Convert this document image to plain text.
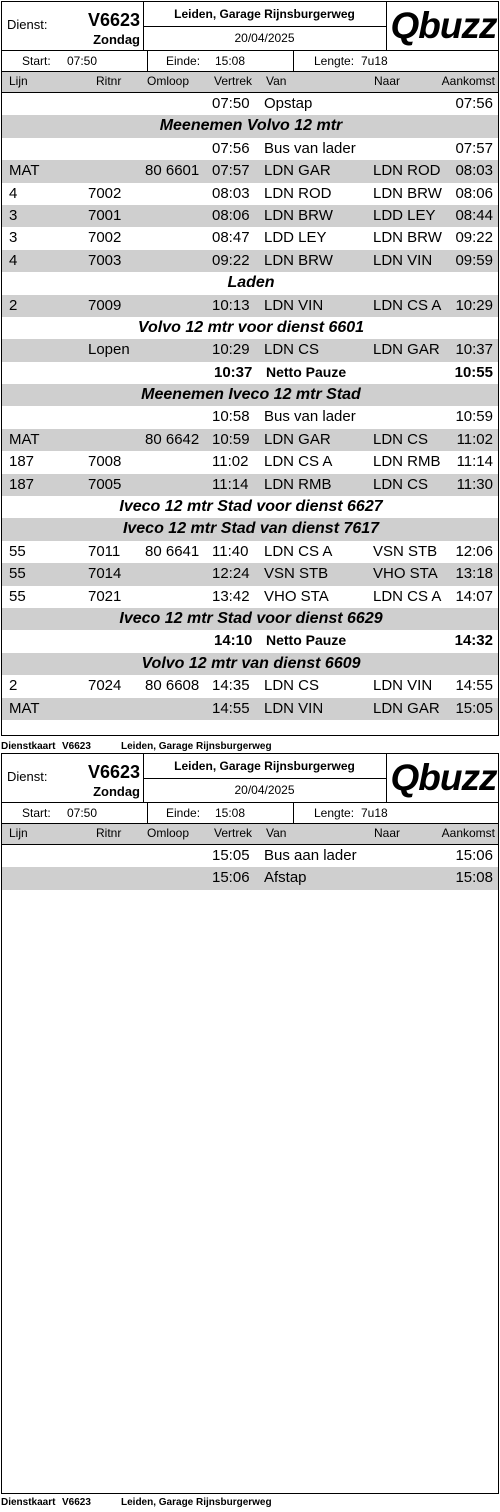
Dienst: V6623
Zondag
Leiden, Garage Rijnsburgerweg
20/04/2025	Qbuzz
Start: 07:50	Einde: 15:08	Lengte: 7u18
Lijn	Ritnr Omloop Vertrek Van	Naar	Aankomst
07:50 Opstap	07:56
Meenemen Volvo 12 mtr
07:56 Bus van lader	07:57
MAT	80 6601 07:57 LDN GAR	LDN ROD 08:03
4	7002	08:03 LDN ROD	LDN BRW 08:06
3	7001	08:06 LDN BRW	LDD LEY 08:44
3	7002	08:47 LDD LEY	LDN BRW 09:22
4	7003	09:22 LDN BRW	LDN VIN 09:59
Laden
2	7009	10:13 LDN VIN	LDN CS A 10:29
Volvo 12 mtr voor dienst 6601
Lopen	10:29 LDN CS	LDN GAR 10:37
10:37 Netto Pauze	10:55
Meenemen Iveco 12 mtr Stad
10:58 Bus van lader	10:59
MAT	80 6642 10:59 LDN GAR	LDN CS 11:02
187	7008	11:02 LDN CS A	LDN RMB 11:14
187	7005	11:14 LDN RMB	LDN CS 11:30
Iveco 12 mtr Stad voor dienst 6627
Iveco 12 mtr Stad van dienst 7617
55	7011 80 6641 11:40 LDN CS A	VSN STB 12:06
55	7014	12:24 VSN STB	VHO STA 13:18
55	7021	13:42 VHO STA	LDN CS A 14:07
Iveco 12 mtr Stad voor dienst 6629
14:10 Netto Pauze	14:32
Volvo 12 mtr van dienst 6609
2	7024 80 6608 14:35 LDN CS	LDN VIN 14:55
MAT	14:55 LDN VIN	LDN GAR 15:05
Dienstkaart V6623	Leiden, Garage Rijnsburgerweg
Dienst: V6623
Zondag
Leiden, Garage Rijnsburgerweg
20/04/2025	Qbuzz
Start: 07:50	Einde: 15:08	Lengte: 7u18
Lijn	Ritnr Omloop Vertrek Van	Naar	Aankomst
15:05 Bus aan lader	15:06
15:06 Afstap	15:08
Dienstkaart V6623	Leiden, Garage Rijnsburgerweg
